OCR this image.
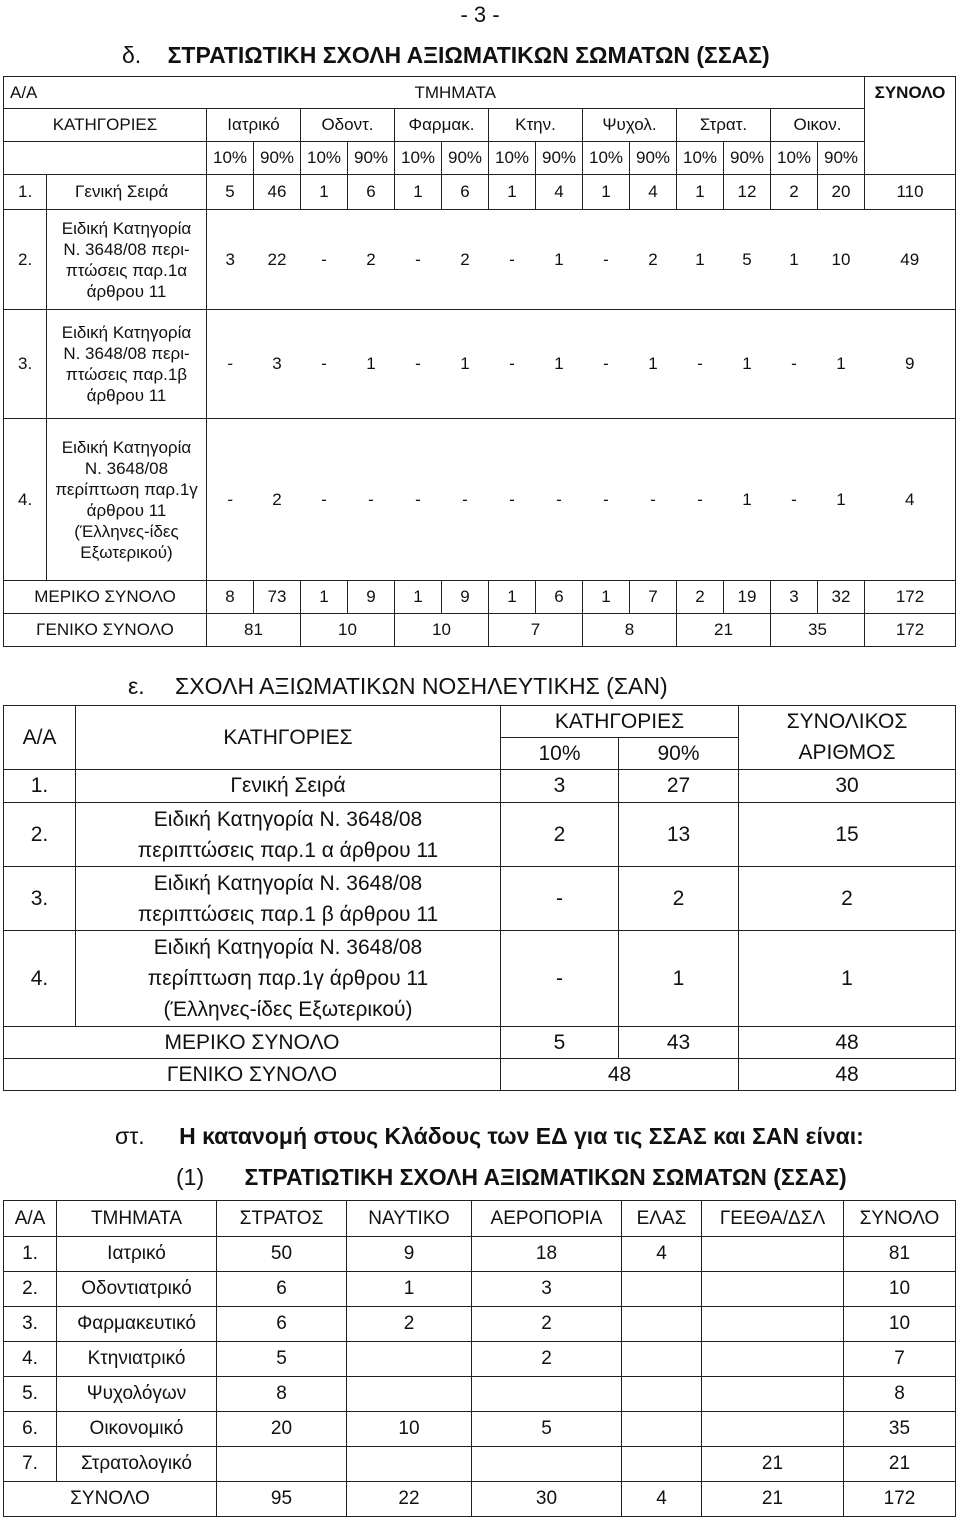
- 3 -
δ. ΣΤΡΑΤΙΩΤΙΚΗ ΣΧΟΛΗ ΑΞΙΩΜΑΤΙΚΩΝ ΣΩΜΑΤΩΝ (ΣΣΑΣ)
Α/Α	ΤΜΗΜΑΤΑ															ΣΥΝΟΛΟ
ΚΑΤΗΓΟΡΙΕΣ		Ιατρικό		Οδοντ.		Φαρμακ.		Κτην.		Ψυχολ.		Στρατ.		Οικον.		
		10%	90%	10%	90%	10%	90%	10%	90%	10%	90%	10%	90%	10%	90%	
1.	Γενική Σειρά	5	46	1	6	1	6	1	4	1	4	1	12	2	20	110
2.	Ειδική Κατηγορία Ν. 3648/08 περι-πτώσεις παρ.1α άρθρου 11	3	22	-	2	-	2	-	1	-	2	1	5	1	10	49
3.	Ειδική Κατηγορία Ν. 3648/08 περι-πτώσεις παρ.1β άρθρου 11	-	3	-	1	-	1	-	1	-	1	-	1	-	1	9
4.	Ειδική Κατηγορία Ν. 3648/08 περίπτωση παρ.1γ άρθρου 11 (Έλληνες-ίδες Εξωτερικού)	-	2	-	-	-	-	-	-	-	-	-	1	-	1	4
ΜΕΡΙΚΟ ΣΥΝΟΛΟ		8	73	1	9	1	9	1	6	1	7	2	19	3	32	172
ΓΕΝΙΚΟ ΣΥΝΟΛΟ		81		10		10		7		8		21		35		172
ε. ΣΧΟΛΗ ΑΞΙΩΜΑΤΙΚΩΝ ΝΟΣΗΛΕΥΤΙΚΗΣ (ΣΑΝ)
Α/Α	ΚΑΤΗΓΟΡΙΕΣ	ΚΑΤΗΓΟΡΙΕΣ		ΣΥΝΟΛΙΚΟΣ
		10%	90%	ΑΡΙΘΜΟΣ
1.	Γενική Σειρά	3	27	30
2.	Ειδική Κατηγορία Ν. 3648/08
περιπτώσεις παρ.1 α άρθρου 11	2	13	15
3.	Ειδική Κατηγορία Ν. 3648/08
περιπτώσεις παρ.1 β άρθρου 11	-	2	2
4.	Ειδική Κατηγορία Ν. 3648/08
περίπτωση παρ.1γ άρθρου 11
(Έλληνες-ίδες Εξωτερικού)	-	1	1
ΜΕΡΙΚΟ ΣΥΝΟΛΟ		5	43	48
ΓΕΝΙΚΟ ΣΥΝΟΛΟ		48		48
στ. Η κατανομή στους Κλάδους των ΕΔ για τις ΣΣΑΣ και ΣΑΝ είναι:
(1) ΣΤΡΑΤΙΩΤΙΚΗ ΣΧΟΛΗ ΑΞΙΩΜΑΤΙΚΩΝ ΣΩΜΑΤΩΝ (ΣΣΑΣ)
Α/Α	ΤΜΗΜΑΤΑ	ΣΤΡΑΤΟΣ	ΝΑΥΤΙΚΟ	ΑΕΡΟΠΟΡΙΑ	ΕΛΑΣ	ΓΕΕΘΑ/ΔΣΛ	ΣΥΝΟΛΟ
1.	Ιατρικό	50	9	18	4		81
2.	Οδοντιατρικό	6	1	3			10
3.	Φαρμακευτικό	6	2	2			10
4.	Κτηνιατρικό	5		2			7
5.	Ψυχολόγων	8					8
6.	Οικονομικό	20	10	5			35
7.	Στρατολογικό					21	21
ΣΥΝΟΛΟ		95	22	30	4	21	172
